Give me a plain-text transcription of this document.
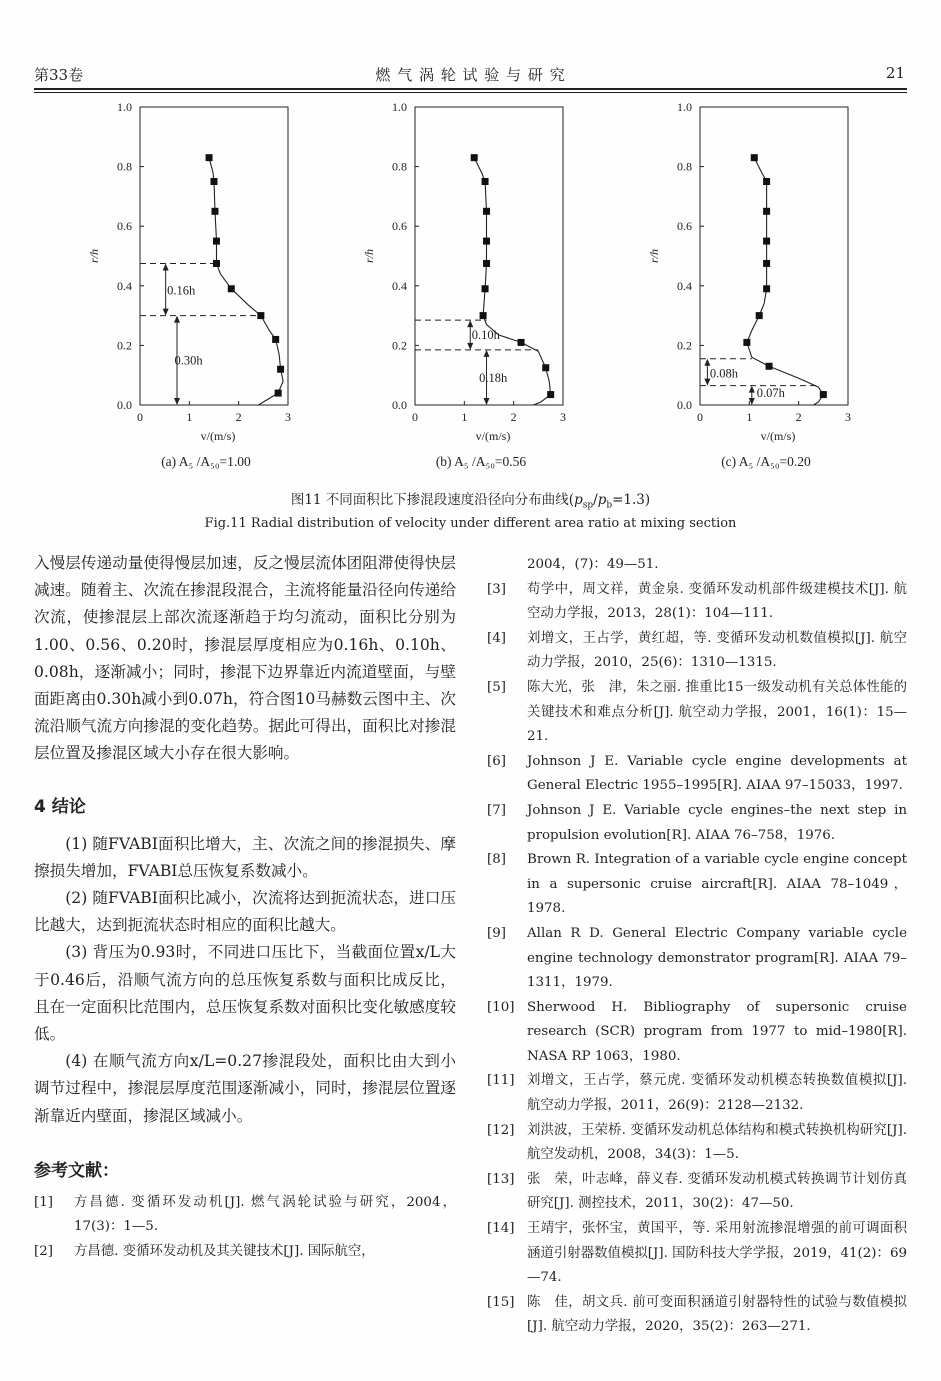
第33卷	燃 气 涡 轮 试 验 与 研 究	21
0.0
0.2
0.4
0.6
0.8
1.0
0	1	2	3
r/h
v/(m/s)
(a) A₅ /A₅₀=1.00
0.16h
0.30h
0.0
0.2
0.4
0.6
0.8
1.0
0	1	2	3
r/h
v/(m/s)
(b) A₅ /A₅₀=0.56
0.10h
0.18h
0.0
0.2
0.4
0.6
0.8
1.0
0	1	2	3
r/h
v/(m/s)
(c) A₅ /A₅₀=0.20
0.08h
0.07h
图11 不同面积比下掺混段速度沿径向分布曲线$(p_{sp}/p_b=1.3)$
Fig.11 Radial distribution of velocity under different area ratio at mixing section

入慢层传递动量使得慢层加速，反之慢层流体团阻滞使得快层减速。随着主、次流在掺混段混合，主流将能量沿径向传递给次流，使掺混层上部次流逐渐趋于均匀流动，面积比分别为1.00、0.56、0.20时，掺混层厚度相应为0.16h、0.10h、0.08h，逐渐减小；同时，掺混下边界靠近内流道壁面，与壁面距离由0.30h减小到0.07h，符合图10马赫数云图中主、次流沿顺气流方向掺混的变化趋势。据此可得出，面积比对掺混层位置及掺混区域大小存在很大影响。

4 结论

(1) 随FVABI面积比增大，主、次流之间的掺混损失、摩擦损失增加，FVABI总压恢复系数减小。

(2) 随FVABI面积比减小，次流将达到扼流状态，进口压比越大，达到扼流状态时相应的面积比越大。

(3) 背压为0.93时，不同进口压比下，当截面位置x/L大于0.46后，沿顺气流方向的总压恢复系数与面积比成反比，且在一定面积比范围内，总压恢复系数对面积比变化敏感度较低。

(4) 在顺气流方向x/L=0.27掺混段处，面积比由大到小调节过程中，掺混层厚度范围逐渐减小，同时，掺混层位置逐渐靠近内壁面，掺混区域减小。

参考文献：

[1] 方昌德. 变循环发动机[J]. 燃气涡轮试验与研究，2004，17(3)：1—5.
[2] 方昌德. 变循环发动机及其关键技术[J]. 国际航空，
2004，(7)：49—51.
[3] 苟学中，周文祥，黄金泉. 变循环发动机部件级建模技术[J]. 航空动力学报，2013，28(1)：104—111.
[4] 刘增文，王占学，黄红超，等. 变循环发动机数值模拟[J]. 航空动力学报，2010，25(6)：1310—1315.
[5] 陈大光，张　津，朱之丽. 推重比15一级发动机有关总体性能的关键技术和难点分析[J]. 航空动力学报，2001，16(1)：15—21.
[6] Johnson J E. Variable cycle engine developments at General Electric 1955–1995[R]. AIAA 97–15033，1997.
[7] Johnson J E. Variable cycle engines–the next step in propulsion evolution[R]. AIAA 76–758，1976.
[8] Brown R. Integration of a variable cycle engine concept in a supersonic cruise aircraft[R]. AIAA 78–1049，1978.
[9] Allan R D. General Electric Company variable cycle engine technology demonstrator program[R]. AIAA 79–1311，1979.
[10] Sherwood H. Bibliography of supersonic cruise research (SCR) program from 1977 to mid–1980[R]. NASA RP 1063，1980.
[11] 刘增文，王占学，蔡元虎. 变循环发动机模态转换数值模拟[J]. 航空动力学报，2011，26(9)：2128—2132.
[12] 刘洪波，王荣桥. 变循环发动机总体结构和模式转换机构研究[J]. 航空发动机，2008，34(3)：1—5.
[13] 张　荣，叶志峰，薛义春. 变循环发动机模式转换调节计划仿真研究[J]. 测控技术，2011，30(2)：47—50.
[14] 王靖宇，张怀宝，黄国平，等. 采用射流掺混增强的前可调面积涵道引射器数值模拟[J]. 国防科技大学学报，2019，41(2)：69—74.
[15] 陈　佳，胡文兵. 前可变面积涵道引射器特性的试验与数值模拟[J]. 航空动力学报，2020，35(2)：263—271.
